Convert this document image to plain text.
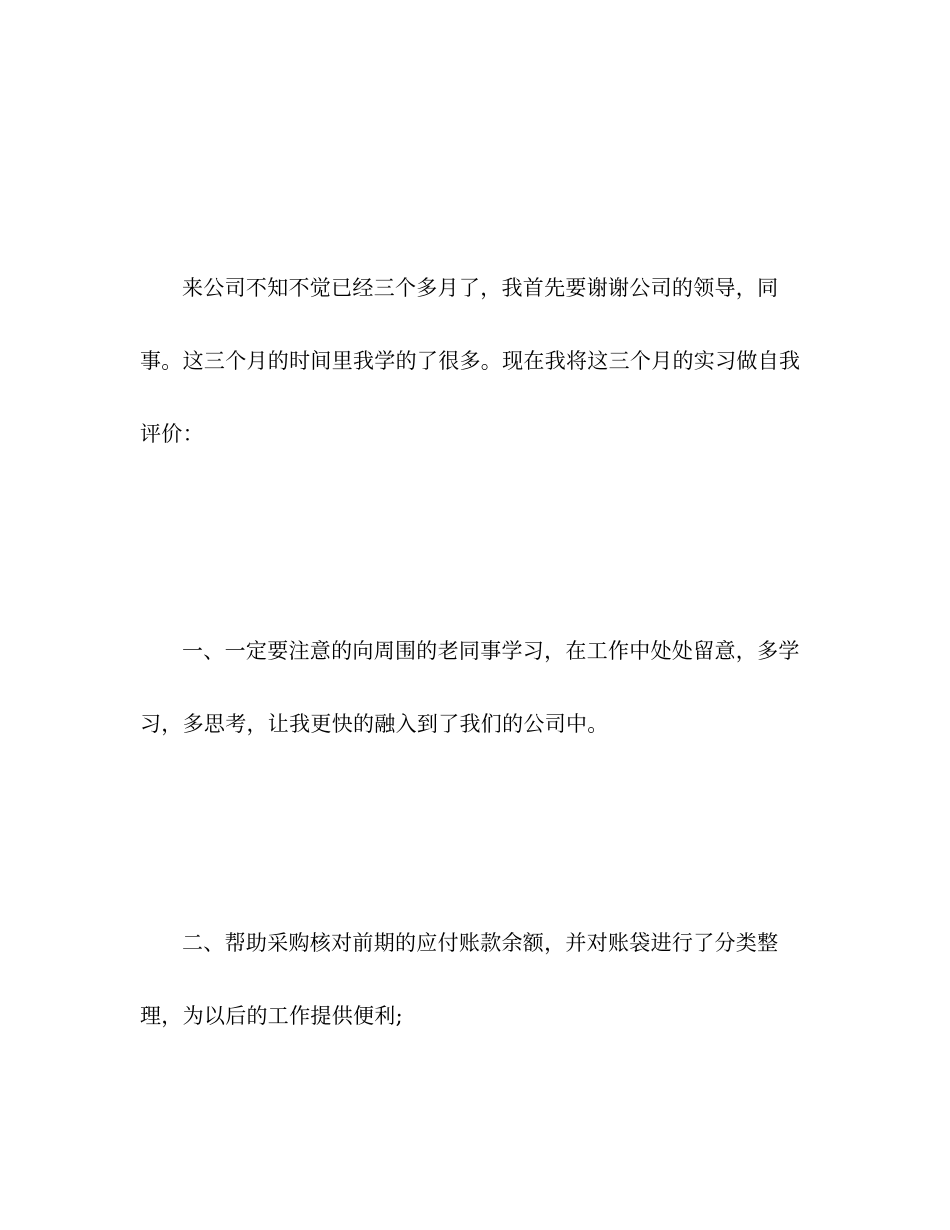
来公司不知不觉已经三个多月了，我首先要谢谢公司的领导，同事。这三个月的时间里我学的了很多。现在我将这三个月的实习做自我评价：

一、一定要注意的向周围的老同事学习，在工作中处处留意，多学习，多思考，让我更快的融入到了我们的公司中。

二、帮助采购核对前期的应付账款余额，并对账袋进行了分类整理，为以后的工作提供便利;
